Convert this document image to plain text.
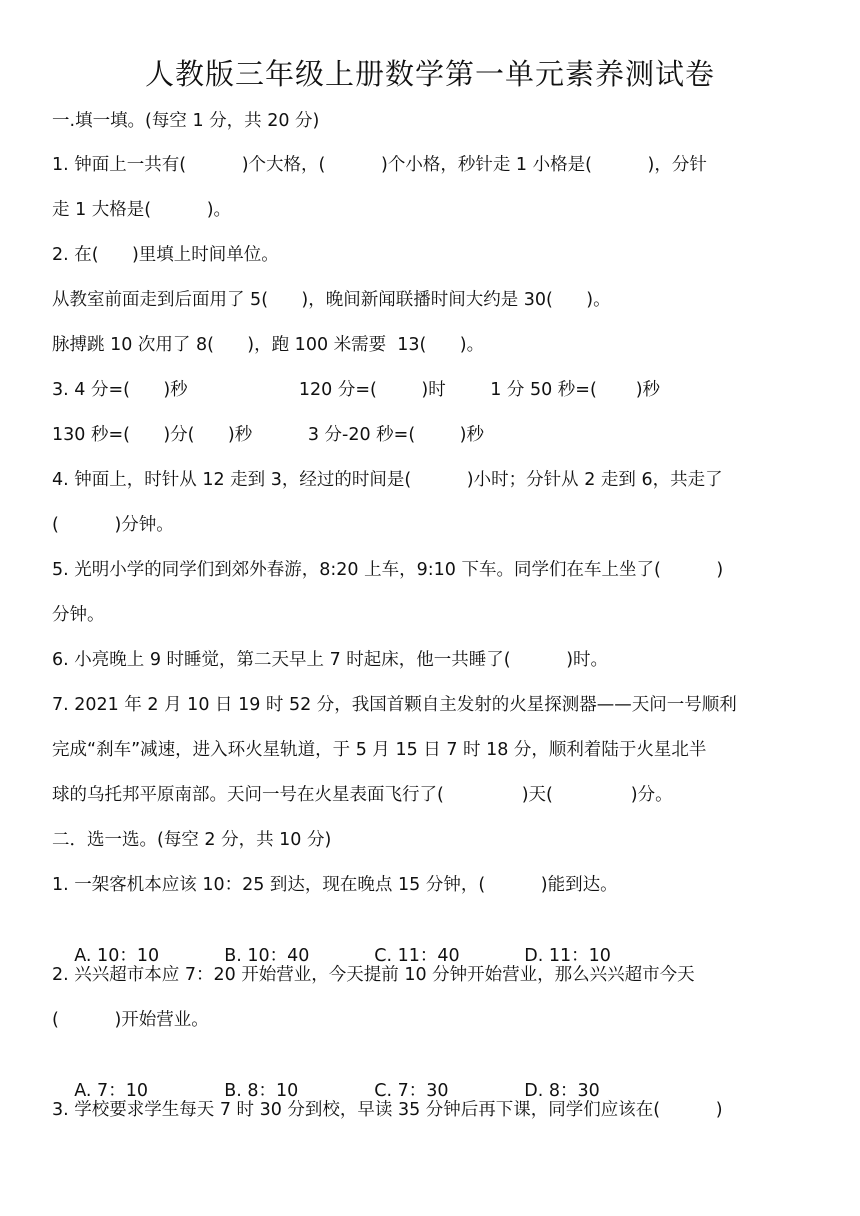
人教版三年级上册数学第一单元素养测试卷
一.填一填。(每空 1 分，共 20 分)
1. 钟面上一共有(          )个大格，(          )个小格，秒针走 1 小格是(          )，分针
走 1 大格是(          )。
2. 在(      )里填上时间单位。
从教室前面走到后面用了 5(      )，晚间新闻联播时间大约是 30(      )。
脉搏跳 10 次用了 8(      )，跑 100 米需要  13(      )。
3. 4 分=(      )秒                    120 分=(        )时        1 分 50 秒=(       )秒
130 秒=(      )分(      )秒          3 分-20 秒=(        )秒
4. 钟面上，时针从 12 走到 3，经过的时间是(          )小时；分针从 2 走到 6，共走了
(          )分钟。
5. 光明小学的同学们到郊外春游，8:20 上车，9:10 下车。同学们在车上坐了(          )
分钟。
6. 小亮晚上 9 时睡觉，第二天早上 7 时起床，他一共睡了(          )时。
7. 2021 年 2 月 10 日 19 时 52 分，我国首颗自主发射的火星探测器——天问一号顺利
完成“刹车”减速，进入环火星轨道，于 5 月 15 日 7 时 18 分，顺利着陆于火星北半
球的乌托邦平原南部。天问一号在火星表面飞行了(              )天(              )分。
二．选一选。(每空 2 分，共 10 分)
1. 一架客机本应该 10：25 到达，现在晚点 15 分钟，(          )能到达。

A. 10：10	B. 10：40	C. 11：40	D. 11：10

2. 兴兴超市本应 7：20 开始营业，今天提前 10 分钟开始营业，那么兴兴超市今天
(          )开始营业。

A. 7：10	B. 8：10	C. 7：30	D. 8：30

3. 学校要求学生每天 7 时 30 分到校，早读 35 分钟后再下课，同学们应该在(          )
